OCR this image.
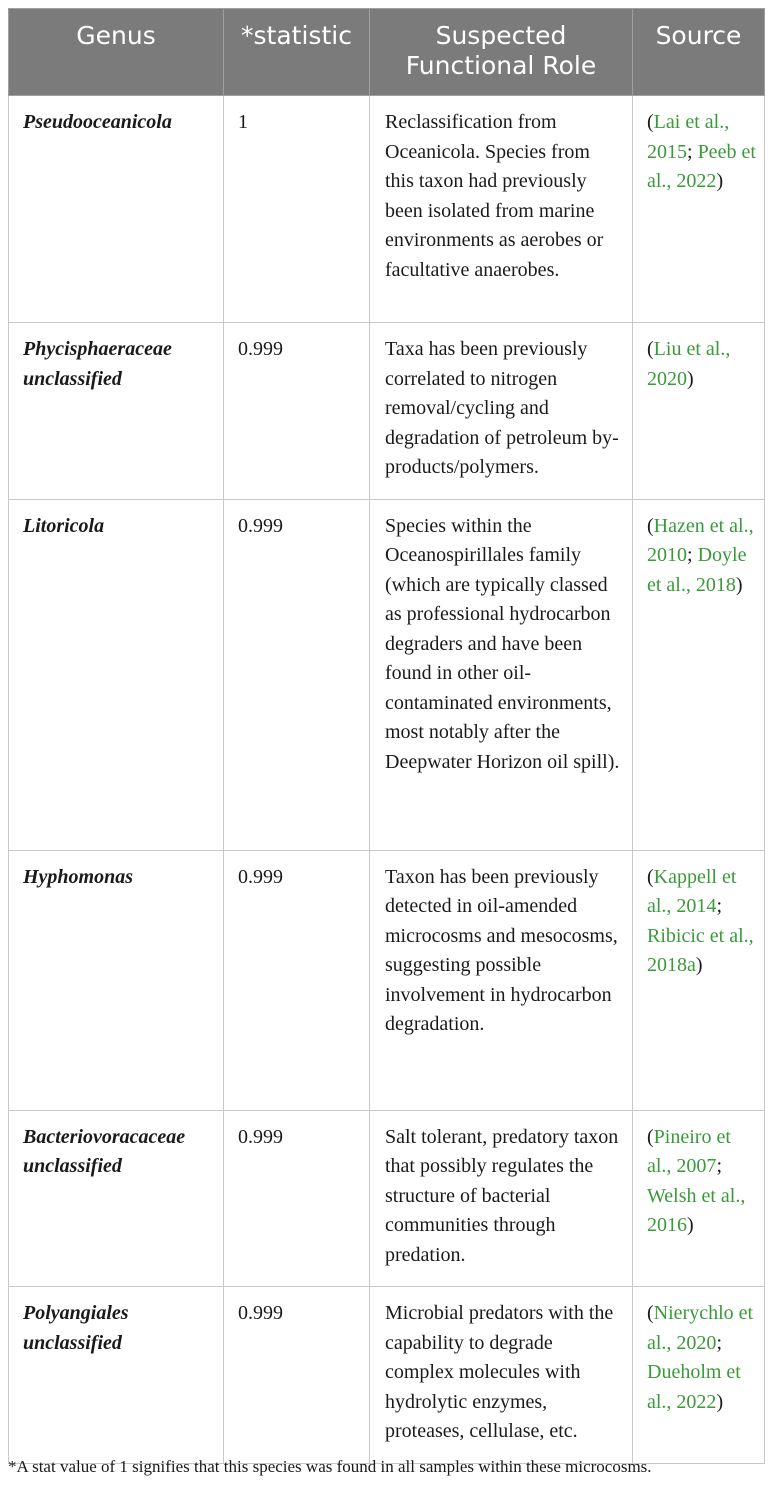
Genus	*statistic	Suspected Functional Role	Source
Pseudooceanicola	1	Reclassification from Oceanicola. Species from this taxon had previously been isolated from marine environments as aerobes or facultative anaerobes.	(Lai et al., 2015; Peeb et al., 2022)
Phycisphaeraceae unclassified	0.999	Taxa has been previously correlated to nitrogen removal/cycling and degradation of petroleum by-products/polymers.	(Liu et al., 2020)
Litoricola	0.999	Species within the Oceanospirillales family (which are typically classed as professional hydrocarbon degraders and have been found in other oil-contaminated environments, most notably after the Deepwater Horizon oil spill).	(Hazen et al., 2010; Doyle et al., 2018)
Hyphomonas	0.999	Taxon has been previously detected in oil-amended microcosms and mesocosms, suggesting possible involvement in hydrocarbon degradation.	(Kappell et al., 2014; Ribicic et al., 2018a)
Bacteriovoracaceae unclassified	0.999	Salt tolerant, predatory taxon that possibly regulates the structure of bacterial communities through predation.	(Pineiro et al., 2007; Welsh et al., 2016)
Polyangiales unclassified	0.999	Microbial predators with the capability to degrade complex molecules with hydrolytic enzymes, proteases, cellulase, etc.	(Nierychlo et al., 2020; Dueholm et al., 2022)
*A stat value of 1 signifies that this species was found in all samples within these microcosms.
